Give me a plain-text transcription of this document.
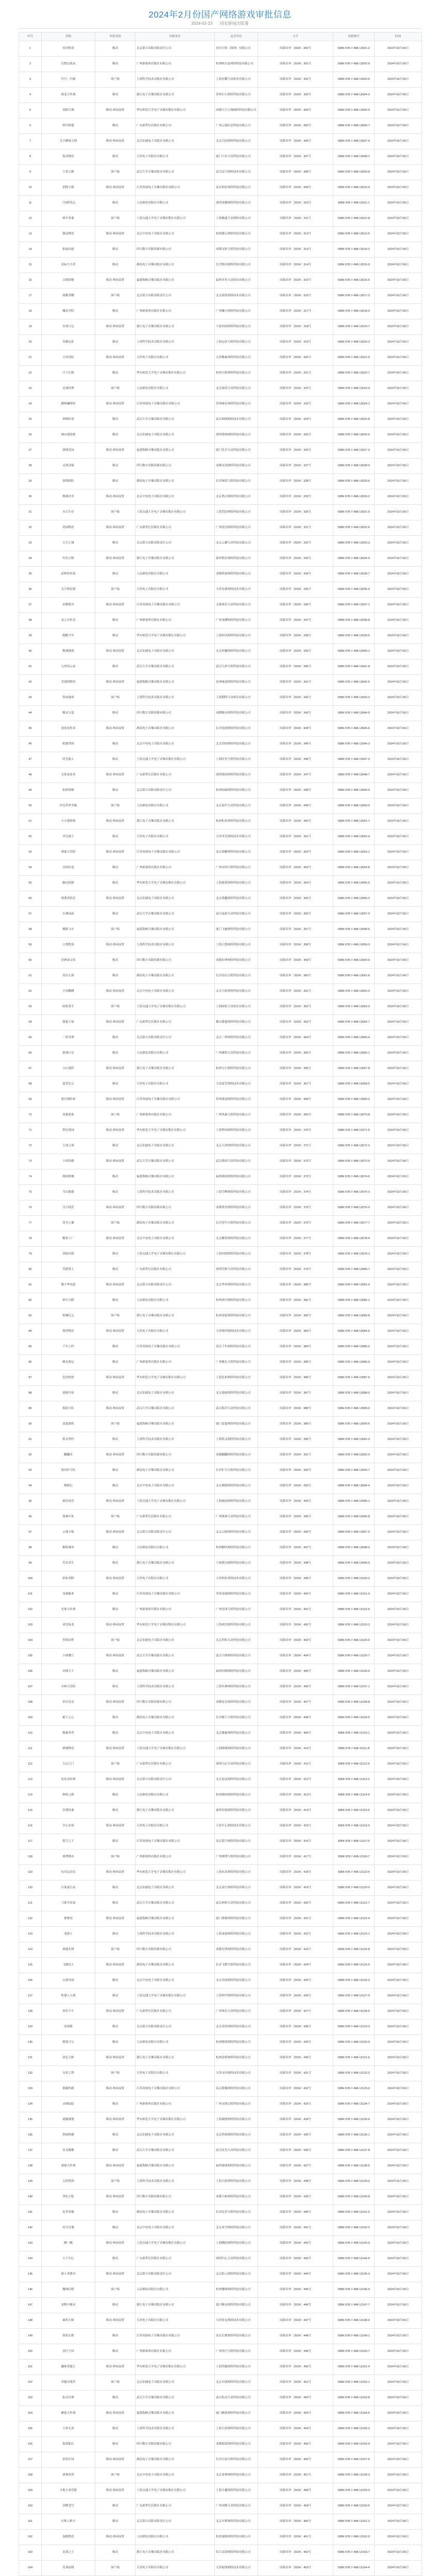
2024年2月份国产网络游戏审批信息
2024-02-23 国家新闻出版署
序号	名称	申报类别	出版单位	运营单位	文号	出版物号	时间
1	星河牧场	移动	北京联合出版有限责任公司	星河互娱（深圳）有限公司	国新出审〔2024〕300号	ISBN 978-7-498-13001-2	2024年02月06日
2	幻想山海录	移动	广州新视界出版社有限公司	杭州阿尔法网络科技有限公司	国新出审〔2024〕301号	ISBN 978-7-498-13002-9	2024年02月06日
3	代号：归墟	客户端	上海科学技术出版社有限公司	上海星耀互动娱乐有限公司	国新出审〔2024〕302号	ISBN 978-7-498-13003-6	2024年02月06日
4	萌宠大作战	移动	浙江电子音像出版社有限公司	苏州巨石网络科技有限公司	国新出审〔2024〕303号	ISBN 978-7-498-13004-3	2024年02月06日
5	剑影江湖	移动-休闲益智	华东师范大学电子音像出版社有限公司	成都天空之城网络科技有限公司	国新出审〔2024〕304号	ISBN 978-7-498-13005-0	2024年02月06日
6	机甲联盟	移动	广东新世纪出版社有限公司	广州云端信息科技有限公司	国新出审〔2024〕305号	ISBN 978-7-498-13006-7	2024年02月06日
7	文字解谜大师	移动-休闲益智	北京伯通电子出版社有限公司	北京闪电网络科技有限公司	国新出审〔2024〕306号	ISBN 978-7-498-13007-4	2024年02月06日
8	海岛物语	移动	天津电子出版社有限公司	厦门小鱼互动科技有限公司	国新出审〔2024〕307号	ISBN 978-7-498-13008-1	2024年02月06日
9	王者之路	客户端	武汉大学音像出版社有限公司	武汉星空网络技术有限公司	国新出审〔2024〕308号	ISBN 978-7-498-13009-8	2024年02月06日
10	消除小镇	移动-休闲益智	江苏凤凰电子音像出版社有限公司	南京彩虹网络科技有限公司	国新出审〔2024〕309号	ISBN 978-7-498-13010-4	2024年02月06日
11	三国群英志	移动	人民邮电出版社有限公司	深圳龙腾网络科技有限公司	国新出审〔2024〕310号	ISBN 978-7-498-13011-1	2024年02月06日
12	赛车风暴	客户端	上海交通大学电子音像出版社有限公司	上海极速互动网络有限公司	国新出审〔2024〕311号	ISBN 978-7-498-13012-8	2024年02月06日
13	甜品物语	移动-休闲益智	北京中电电子出版社有限公司	杭州甜心网络科技有限公司	国新出审〔2024〕312号	ISBN 978-7-498-13013-5	2024年02月06日
14	仙途问道	移动	四川数字出版传媒有限公司	成都灵犀互娱科技有限公司	国新出审〔2024〕313号	ISBN 978-7-498-13014-2	2024年02月06日
15	星际守卫者	移动	湖南电子音像出版社有限公司	长沙银河网络科技有限公司	国新出审〔2024〕314号	ISBN 978-7-498-13015-9	2024年02月06日
16	古镇探秘	移动-休闲益智	福建海峡音像出版社有限公司	福州青木互动娱乐有限公司	国新出审〔2024〕315号	ISBN 978-7-498-13016-6	2024年02月06日
17	战舰荣耀	客户端	北京联合出版有限责任公司	北京海蓝网络技术有限公司	国新出审〔2024〕316号	ISBN 978-7-498-13017-3	2024年02月06日
18	魔法学院	移动	广州新视界出版社有限公司	广州魔方网络科技有限公司	国新出审〔2024〕317号	ISBN 978-7-498-13018-0	2024年02月06日
19	农场日记	移动-休闲益智	浙江电子音像出版社有限公司	宁波田园网络科技有限公司	国新出审〔2024〕318号	ISBN 978-7-498-13019-7	2024年02月06日
20	英雄远征	移动	上海科学技术出版社有限公司	上海远征互娱科技有限公司	国新出审〔2024〕319号	ISBN 978-7-498-13020-3	2024年02月06日
21	方块冒险	移动-休闲益智	天津电子出版社有限公司	天津像素网络科技有限公司	国新出审〔2024〕320号	ISBN 978-7-498-13021-0	2024年02月06日
22	月下幻境	移动	华东师范大学电子音像出版社有限公司	杭州月影网络科技有限公司	国新出审〔2024〕321号	ISBN 978-7-498-13022-7	2024年02月06日
23	足球经理	客户端	人民邮电出版社有限公司	北京绿茵互动科技有限公司	国新出审〔2024〕322号	ISBN 978-7-498-13023-4	2024年02月06日
24	猫咪咖啡馆	移动-休闲益智	江苏凤凰电子音像出版社有限公司	苏州喵星网络科技有限公司	国新出审〔2024〕323号	ISBN 978-7-498-13024-1	2024年02月06日
25	神域传说	移动	武汉大学音像出版社有限公司	武汉神域网络技术有限公司	国新出审〔2024〕324号	ISBN 978-7-498-13025-8	2024年02月06日
26	城市建造师	移动	北京伯通电子出版社有限公司	深圳蓝图网络科技有限公司	国新出审〔2024〕325号	ISBN 978-7-498-13026-5	2024年02月06日
27	拼图乐园	移动-休闲益智	福建海峡音像出版社有限公司	厦门乐享互动科技有限公司	国新出审〔2024〕326号	ISBN 978-7-498-13027-2	2024年02月06日
28	灵剑奇缘	移动	四川数字出版传媒有限公司	成都灵剑网络科技有限公司	国新出审〔2024〕327号	ISBN 978-7-498-13028-9	2024年02月06日
29	深海探险	移动	湖南电子音像出版社有限公司	长沙深蓝互娱科技有限公司	国新出审〔2024〕328号	ISBN 978-7-498-13029-6	2024年02月06日
30	棋魂对弈	移动-休闲益智	北京中电电子出版社有限公司	北京黑白网络科技有限公司	国新出审〔2024〕329号	ISBN 978-7-498-13030-2	2024年02月06日
31	末日生存	客户端	上海交通大学电子音像出版社有限公司	上海荒原网络科技有限公司	国新出审〔2024〕330号	ISBN 978-7-498-13031-9	2024年02月06日
32	花园物语	移动-休闲益智	广东新世纪出版社有限公司	广州花语网络科技有限公司	国新出审〔2024〕331号	ISBN 978-7-498-13032-6	2024年02月06日
33	天空之城	移动	北京联合出版有限责任公司	北京云翼互动科技有限公司	国新出审〔2024〕332号	ISBN 978-7-498-13033-3	2024年02月06日
34	钓鱼大师	移动-休闲益智	浙江电子音像出版社有限公司	温州渔乐网络科技有限公司	国新出审〔2024〕333号	ISBN 978-7-498-13034-0	2024年02月06日
35	武林外传说	移动	人民邮电出版社有限公司	成都侠客网络科技有限公司	国新出审〔2024〕334号	ISBN 978-7-498-13035-7	2024年02月06日
36	太空殖民地	客户端	天津电子出版社有限公司	天津星港网络技术有限公司	国新出审〔2024〕335号	ISBN 978-7-498-13036-4	2024年02月06日
37	动物派对	移动-休闲益智	江苏凤凰电子音像出版社有限公司	无锡欢乐互动科技有限公司	国新出审〔2024〕336号	ISBN 978-7-498-13037-1	2024年02月06日
38	龙之谷传奇	移动	广州新视界出版社有限公司	广州龙渊网络科技有限公司	国新出审〔2024〕337号	ISBN 978-7-498-13038-8	2024年02月06日
39	跑酷少年	移动	华东师范大学电子音像出版社有限公司	上海疾风网络科技有限公司	国新出审〔2024〕338号	ISBN 978-7-498-13039-5	2024年02月06日
40	数独挑战	移动-休闲益智	北京伯通电子出版社有限公司	北京智趣网络科技有限公司	国新出审〔2024〕339号	ISBN 978-7-498-13040-1	2024年02月06日
41	九州风云录	移动	武汉大学音像出版社有限公司	武汉九州互娱科技有限公司	国新出审〔2024〕340号	ISBN 978-7-498-13041-8	2024年02月06日
42	美食街物语	移动-休闲益智	福建海峡音像出版社有限公司	泉州味道网络科技有限公司	国新出审〔2024〕341号	ISBN 978-7-498-13042-5	2024年02月06日
43	铁血战场	客户端	上海科学技术出版社有限公司	上海钢铁互动娱乐有限公司	国新出审〔2024〕342号	ISBN 978-7-498-13043-2	2024年02月06日
44	精灵宝盒	移动	四川数字出版传媒有限公司	成都精灵网络科技有限公司	国新出审〔2024〕343号	ISBN 978-7-498-13044-9	2024年02月06日
45	泡泡龙传奇	移动-休闲益智	湖南电子音像出版社有限公司	长沙泡泡网络科技有限公司	国新出审〔2024〕344号	ISBN 978-7-498-13045-6	2024年02月06日
46	绝地突围	移动	北京中电电子出版社有限公司	北京烈焰网络科技有限公司	国新出审〔2024〕345号	ISBN 978-7-498-13046-3	2024年02月06日
47	时光旅人	移动	上海交通大学电子音像出版社有限公司	上海时光互娱科技有限公司	国新出审〔2024〕346号	ISBN 978-7-498-13047-0	2024年02月06日
48	水果连连看	移动-休闲益智	广东新世纪出版社有限公司	深圳果园网络科技有限公司	国新出审〔2024〕347号	ISBN 978-7-498-13048-7	2024年02月06日
49	仙侠情缘	移动	北京联合出版有限责任公司	杭州仙缘网络科技有限公司	国新出审〔2024〕348号	ISBN 978-7-498-13049-4	2024年02月06日
50	坦克世界争霸	客户端	人民邮电出版社有限公司	北京装甲互动科技有限公司	国新出审〔2024〕349号	ISBN 978-7-498-13050-0	2024年02月06日
51	小小建筑师	移动-休闲益智	浙江电子音像出版社有限公司	杭州积木网络科技有限公司	国新出审〔2024〕350号	ISBN 978-7-498-13051-7	2024年02月06日
52	圣光骑士	移动	天津电子出版社有限公司	天津圣光网络技术有限公司	国新出审〔2024〕351号	ISBN 978-7-498-13052-4	2024年02月06日
53	弹球大冒险	移动-休闲益智	江苏凤凰电子音像出版社有限公司	南京弹跳网络科技有限公司	国新出审〔2024〕352号	ISBN 978-7-498-13053-1	2024年02月06日
54	帝国征途	移动	广州新视界出版社有限公司	广州帝国互娱科技有限公司	国新出审〔2024〕353号	ISBN 978-7-498-13054-8	2024年02月06日
55	幽灵侦探	移动	华东师范大学电子音像出版社有限公司	上海迷雾网络科技有限公司	国新出审〔2024〕354号	ISBN 978-7-498-13055-5	2024年02月06日
56	萌萌消消乐	移动-休闲益智	北京伯通电子出版社有限公司	北京萌趣网络科技有限公司	国新出审〔2024〕355号	ISBN 978-7-498-13056-2	2024年02月06日
57	江湖夜雨	移动	武汉大学音像出版社有限公司	武汉夜雨互动科技有限公司	国新出审〔2024〕356号	ISBN 978-7-498-13057-9	2024年02月06日
58	极限飞车	客户端	福建海峡音像出版社有限公司	厦门飞驰网络科技有限公司	国新出审〔2024〕357号	ISBN 978-7-498-13058-6	2024年02月06日
59	口袋牧场	移动-休闲益智	上海科学技术出版社有限公司	上海口袋网络科技有限公司	国新出审〔2024〕358号	ISBN 978-7-498-13059-3	2024年02月06日
60	封神演义传	移动	四川数字出版传媒有限公司	成都封神网络科技有限公司	国新出审〔2024〕359号	ISBN 978-7-498-13060-9	2024年02月06日
61	星辰大海	移动	湖南电子音像出版社有限公司	长沙星辰互娱科技有限公司	国新出审〔2024〕360号	ISBN 978-7-498-13061-6	2024年02月06日
62	字母跳跳	移动-休闲益智	北京中电电子出版社有限公司	北京字游网络科技有限公司	国新出审〔2024〕361号	ISBN 978-7-498-13062-3	2024年02月06日
63	暗影猎手	客户端	上海交通大学电子音像出版社有限公司	上海暗影互动娱乐有限公司	国新出审〔2024〕362号	ISBN 978-7-498-13063-0	2024年02月06日
64	甜蜜小屋	移动-休闲益智	广东新世纪出版社有限公司	佛山甜蜜网络科技有限公司	国新出审〔2024〕363号	ISBN 978-7-498-13064-7	2024年02月06日
65	三界奇谭	移动	北京联合出版有限责任公司	北京三界网络科技有限公司	国新出审〔2024〕364号	ISBN 978-7-498-13065-4	2024年02月06日
66	篮球巨星	移动	人民邮电出版社有限公司	广州灌篮互动科技有限公司	国新出审〔2024〕365号	ISBN 978-7-498-13066-1	2024年02月06日
67	宝石迷阵	移动-休闲益智	浙江电子音像出版社有限公司	杭州宝石网络科技有限公司	国新出审〔2024〕366号	ISBN 978-7-498-13067-8	2024年02月06日
68	蛮荒纪元	移动	天津电子出版社有限公司	天津蛮荒网络技术有限公司	国新出审〔2024〕367号	ISBN 978-7-498-13068-5	2024年02月06日
69	迷宫探险家	移动-休闲益智	江苏凤凰电子音像出版社有限公司	常州迷途网络科技有限公司	国新出审〔2024〕368号	ISBN 978-7-498-13069-2	2024年02月06日
70	风暴要塞	客户端	广州新视界出版社有限公司	广州风暴互娱科技有限公司	国新出审〔2024〕369号	ISBN 978-7-498-13070-8	2024年02月06日
71	梦幻花园	移动-休闲益智	华东师范大学电子音像出版社有限公司	上海梦园网络科技有限公司	国新出审〔2024〕370号	ISBN 978-7-498-13071-5	2024年02月06日
72	天命之战	移动	北京伯通电子出版社有限公司	北京天命网络科技有限公司	国新出审〔2024〕371号	ISBN 978-7-498-13072-2	2024年02月06日
73	小鸡快跑	移动-休闲益智	武汉大学音像出版社有限公司	武汉萌鸡互动科技有限公司	国新出审〔2024〕372号	ISBN 978-7-498-13073-9	2024年02月06日
74	战国群雄	移动	福建海峡音像出版社有限公司	福州战国网络科技有限公司	国新出审〔2024〕373号	ISBN 978-7-498-13074-6	2024年02月06日
75	雪山救援	移动	上海科学技术出版社有限公司	上海雪峰网络科技有限公司	国新出审〔2024〕374号	ISBN 978-7-498-13075-3	2024年02月06日
76	汉字找茬	移动-休闲益智	四川数字出版传媒有限公司	成都墨香网络科技有限公司	国新出审〔2024〕375号	ISBN 978-7-498-13076-0	2024年02月06日
77	苍穹之翼	客户端	湖南电子音像出版社有限公司	长沙苍穹互娱科技有限公司	国新出审〔2024〕376号	ISBN 978-7-498-13077-7	2024年02月06日
78	糖果工厂	移动-休闲益智	北京中电电子出版社有限公司	北京糖果网络科技有限公司	国新出审〔2024〕377号	ISBN 978-7-498-13078-4	2024年02月06日
79	剑仙问情	移动	上海交通大学电子音像出版社有限公司	上海问情网络科技有限公司	国新出审〔2024〕378号	ISBN 978-7-498-13079-1	2024年02月06日
80	荒野猎人	移动	广东新世纪出版社有限公司	深圳荒野互动科技有限公司	国新出审〔2024〕379号	ISBN 978-7-498-13080-7	2024年02月06日
81	数字华容道	移动-休闲益智	北京联合出版有限责任公司	北京华容网络科技有限公司	国新出审〔2024〕380号	ISBN 978-7-498-13081-4	2024年02月06日
82	神兵天降	移动	人民邮电出版社有限公司	杭州神兵网络科技有限公司	国新出审〔2024〕381号	ISBN 978-7-498-13082-1	2024年02月06日
83	机械纪元	客户端	浙江电子音像出版社有限公司	杭州齿轮网络科技有限公司	国新出审〔2024〕382号	ISBN 978-7-498-13083-8	2024年02月06日
84	萌兽物语	移动-休闲益智	天津电子出版社有限公司	天津萌兽网络技术有限公司	国新出审〔2024〕383号	ISBN 978-7-498-13084-5	2024年02月06日
85	千年之约	移动	江苏凤凰电子音像出版社有限公司	南京千年网络科技有限公司	国新出审〔2024〕384号	ISBN 978-7-498-13085-2	2024年02月06日
86	极光战记	移动	广州新视界出版社有限公司	广州极光互娱科技有限公司	国新出审〔2024〕385号	ISBN 978-7-498-13086-9	2024年02月06日
87	色块拼拼	移动-休闲益智	华东师范大学电子音像出版社有限公司	上海色彩网络科技有限公司	国新出审〔2024〕386号	ISBN 978-7-498-13087-6	2024年02月06日
88	逐鹿中原	移动	北京伯通电子出版社有限公司	北京逐鹿网络科技有限公司	国新出审〔2024〕387号	ISBN 978-7-498-13088-3	2024年02月06日
89	海底小队	移动-休闲益智	武汉大学音像出版社有限公司	武汉海洋互动科技有限公司	国新出审〔2024〕388号	ISBN 978-7-498-13089-0	2024年02月06日
90	雷霆战机	客户端	福建海峡音像出版社有限公司	厦门雷霆网络科技有限公司	国新出审〔2024〕389号	ISBN 978-7-498-13090-6	2024年02月06日
91	妖灵契约	移动	上海科学技术出版社有限公司	上海妖灵网络科技有限公司	国新出审〔2024〕390号	ISBN 978-7-498-13091-3	2024年02月06日
92	翻翻乐	移动-休闲益智	四川数字出版传媒有限公司	成都翻翻网络科技有限公司	国新出审〔2024〕391号	ISBN 978-7-498-13092-0	2024年02月06日
93	银河护卫队	移动	湖南电子音像出版社有限公司	长沙护卫互娱科技有限公司	国新出审〔2024〕392号	ISBN 978-7-498-13093-7	2024年02月06日
94	桃源记	移动	北京中电电子出版社有限公司	北京桃源网络科技有限公司	国新出审〔2024〕393号	ISBN 978-7-498-13094-4	2024年02月06日
95	疯狂厨房	移动-休闲益智	上海交通大学电子音像出版社有限公司	上海疯厨网络科技有限公司	国新出审〔2024〕394号	ISBN 978-7-498-13095-1	2024年02月06日
96	战神归来	客户端	广东新世纪出版社有限公司	广州战神互动科技有限公司	国新出审〔2024〕395号	ISBN 978-7-498-13096-8	2024年02月06日
97	云端小镇	移动-休闲益智	北京联合出版有限责任公司	北京云镇网络科技有限公司	国新出审〔2024〕396号	ISBN 978-7-498-13097-5	2024年02月06日
98	御剑乘风	移动	人民邮电出版社有限公司	杭州御风网络科技有限公司	国新出审〔2024〕397号	ISBN 978-7-498-13098-2	2024年02月06日
99	荒岛求生	移动	浙江电子音像出版社有限公司	宁波孤岛网络科技有限公司	国新出审〔2024〕398号	ISBN 978-7-498-13099-9	2024年02月06日
100	彩虹消除	移动-休闲益智	天津电子出版社有限公司	天津彩虹网络技术有限公司	国新出审〔2024〕399号	ISBN 978-7-498-13100-2	2024年02月06日
101	龙城霸业	移动	江苏凤凰电子音像出版社有限公司	苏州龙城网络科技有限公司	国新出审〔2024〕400号	ISBN 978-7-498-13101-9	2024年02月06日
102	星球大作战	移动	广州新视界出版社有限公司	广州星球互娱科技有限公司	国新出审〔2024〕401号	ISBN 978-7-498-13102-6	2024年02月06日
103	成语接龙	移动-休闲益智	华东师范大学电子音像出版社有限公司	上海成语网络科技有限公司	国新出审〔2024〕402号	ISBN 978-7-498-13103-3	2024年02月06日
104	烈焰征程	客户端	北京伯通电子出版社有限公司	北京烈焰互动科技有限公司	国新出审〔2024〕403号	ISBN 978-7-498-13104-0	2024年02月06日
105	小熊餐厅	移动-休闲益智	武汉大学音像出版社有限公司	武汉小熊网络科技有限公司	国新出审〔2024〕404号	ISBN 978-7-498-13105-7	2024年02月06日
106	问鼎天下	移动	福建海峡音像出版社有限公司	福州问鼎网络科技有限公司	国新出审〔2024〕405号	ISBN 978-7-498-13106-4	2024年02月06日
107	丛林大冒险	移动	上海科学技术出版社有限公司	上海丛林网络科技有限公司	国新出审〔2024〕406号	ISBN 978-7-498-13107-1	2024年02月06日
108	消灭星星	移动-休闲益智	四川数字出版传媒有限公司	成都星星网络科技有限公司	国新出审〔2024〕407号	ISBN 978-7-498-13108-8	2024年02月06日
109	霸王之心	移动	湖南电子音像出版社有限公司	长沙霸王互娱科技有限公司	国新出审〔2024〕408号	ISBN 978-7-498-13109-5	2024年02月06日
110	像素勇者	移动	北京中电电子出版社有限公司	北京像素网络科技有限公司	国新出审〔2024〕409号	ISBN 978-7-498-13110-1	2024年02月06日
111	喵喵物语	移动-休闲益智	上海交通大学电子音像出版社有限公司	上海喵喵网络科技有限公司	国新出审〔2024〕410号	ISBN 978-7-498-13111-8	2024年02月06日
112	天启之门	客户端	广东新世纪出版社有限公司	深圳天启互动科技有限公司	国新出审〔2024〕411号	ISBN 978-7-498-13112-5	2024年02月06日
113	连连看经典	移动-休闲益智	北京联合出版有限责任公司	北京连连网络科技有限公司	国新出审〔2024〕412号	ISBN 978-7-498-13113-2	2024年02月06日
114	修仙之路	移动	人民邮电出版社有限公司	杭州修仙网络科技有限公司	国新出审〔2024〕413号	ISBN 978-7-498-13114-9	2024年02月06日
115	沙漠风暴	移动	浙江电子音像出版社有限公司	温州沙海网络科技有限公司	国新出审〔2024〕414号	ISBN 978-7-498-13115-6	2024年02月06日
116	开心农场	移动-休闲益智	天津电子出版社有限公司	天津开心网络技术有限公司	国新出审〔2024〕415号	ISBN 978-7-498-13116-3	2024年02月06日
117	裂空之王	移动	江苏凤凰电子音像出版社有限公司	南京裂空网络科技有限公司	国新出审〔2024〕416号	ISBN 978-7-498-13117-0	2024年02月06日
118	赛博都市	客户端	广州新视界出版社有限公司	广州赛博互娱科技有限公司	国新出审〔2024〕417号	ISBN 978-7-498-13118-7	2024年02月06日
119	玩具总动员	移动-休闲益智	华东师范大学电子音像出版社有限公司	上海玩具网络科技有限公司	国新出审〔2024〕418号	ISBN 978-7-498-13119-4	2024年02月06日
120	百鬼夜行录	移动	北京伯通电子出版社有限公司	北京夜行网络科技有限公司	国新出审〔2024〕419号	ISBN 978-7-498-13120-0	2024年02月06日
121	弓箭手传说	移动	武汉大学音像出版社有限公司	武汉神射互动科技有限公司	国新出审〔2024〕420号	ISBN 978-7-498-13121-7	2024年02月06日
122	叠叠高	移动-休闲益智	福建海峡音像出版社有限公司	厦门叠叠网络科技有限公司	国新出审〔2024〕421号	ISBN 978-7-498-13122-4	2024年02月06日
123	龙骑士	移动	上海科学技术出版社有限公司	上海龙骑网络科技有限公司	国新出审〔2024〕422号	ISBN 978-7-498-13123-1	2024年02月06日
124	战地先锋	客户端	四川数字出版传媒有限公司	成都先锋网络科技有限公司	国新出审〔2024〕423号	ISBN 978-7-498-13124-8	2024年02月06日
125	飞镖达人	移动-休闲益智	湖南电子音像出版社有限公司	长沙飞镖互娱科技有限公司	国新出审〔2024〕424号	ISBN 978-7-498-13125-5	2024年02月06日
126	山海异闻	移动	北京中电电子出版社有限公司	北京异闻网络科技有限公司	国新出审〔2024〕425号	ISBN 978-7-498-13126-2	2024年02月06日
127	机器人大战	移动	上海交通大学电子音像出版社有限公司	上海铁甲网络科技有限公司	国新出审〔2024〕426号	ISBN 978-7-498-13127-9	2024年02月06日
128	欢乐斗牛	移动-休闲益智	广东新世纪出版社有限公司	广州欢乐互动科技有限公司	国新出审〔2024〕427号	ISBN 978-7-498-13128-6	2024年02月06日
129	凌霄殿	移动	北京联合出版有限责任公司	北京凌霄网络科技有限公司	国新出审〔2024〕428号	ISBN 978-7-498-13129-3	2024年02月06日
130	秘境寻宝	移动	人民邮电出版社有限公司	杭州秘境网络科技有限公司	国新出审〔2024〕429号	ISBN 978-7-498-13130-9	2024年02月06日
131	涂色大师	移动-休闲益智	浙江电子音像出版社有限公司	杭州涂鸦网络科技有限公司	国新出审〔2024〕430号	ISBN 978-7-498-13131-6	2024年02月06日
132	永恒之塔	客户端	天津电子出版社有限公司	天津永恒网络技术有限公司	国新出审〔2024〕431号	ISBN 978-7-498-13132-3	2024年02月06日
133	熊猫快跑	移动-休闲益智	江苏凤凰电子音像出版社有限公司	南京熊猫网络科技有限公司	国新出审〔2024〕432号	ISBN 978-7-498-13133-0	2024年02月06日
134	灵域仙踪	移动	广州新视界出版社有限公司	广州灵域互娱科技有限公司	国新出审〔2024〕433号	ISBN 978-7-498-13134-7	2024年02月06日
135	谜题城堡	移动-休闲益智	华东师范大学电子音像出版社有限公司	上海城堡网络科技有限公司	国新出审〔2024〕434号	ISBN 978-7-498-13135-4	2024年02月06日
136	铁骑纵横	移动	北京伯通电子出版社有限公司	北京铁骑网络科技有限公司	国新出审〔2024〕435号	ISBN 978-7-498-13136-1	2024年02月06日
137	星光偶像	移动	武汉大学音像出版社有限公司	武汉星光互动科技有限公司	国新出审〔2024〕436号	ISBN 978-7-498-13137-8	2024年02月06日
138	球球大作战	移动-休闲益智	福建海峡音像出版社有限公司	福州球球网络科技有限公司	国新出审〔2024〕437号	ISBN 978-7-498-13138-5	2024年02月06日
139	天涯明剑	客户端	上海科学技术出版社有限公司	上海天涯网络科技有限公司	国新出审〔2024〕438号	ISBN 978-7-498-13139-2	2024年02月06日
140	贪吃小蛇	移动-休闲益智	四川数字出版传媒有限公司	成都小蛇网络科技有限公司	国新出审〔2024〕439号	ISBN 978-7-498-13140-8	2024年02月06日
141	乱世英雄	移动	湖南电子音像出版社有限公司	长沙乱世互娱科技有限公司	国新出审〔2024〕440号	ISBN 978-7-498-13141-5	2024年02月06日
142	冰雪奇遇	移动	北京中电电子出版社有限公司	北京冰雪网络科技有限公司	国新出审〔2024〕441号	ISBN 978-7-498-13142-2	2024年02月06日
143	跳一跳	移动-休闲益智	上海交通大学电子音像出版社有限公司	上海跳跃网络科技有限公司	国新出审〔2024〕442号	ISBN 978-7-498-13143-9	2024年02月06日
144	天下归心	移动	广东新世纪出版社有限公司	深圳归心互动科技有限公司	国新出审〔2024〕443号	ISBN 978-7-498-13144-6	2024年02月06日
145	狼人杀派对	移动-休闲益智	北京联合出版有限责任公司	北京狼人网络科技有限公司	国新出审〔2024〕444号	ISBN 978-7-498-13145-3	2024年02月06日
146	魔域幻想	客户端	人民邮电出版社有限公司	杭州魔域网络科技有限公司	国新出审〔2024〕445号	ISBN 978-7-498-13146-0	2024年02月06日
147	宠物小精灵	移动	浙江电子音像出版社有限公司	嘉兴精灵网络科技有限公司	国新出审〔2024〕446号	ISBN 978-7-498-13147-7	2024年02月06日
148	麻将大师	移动-休闲益智	天津电子出版社有限公司	天津雀友网络技术有限公司	国新出审〔2024〕447号	ISBN 978-7-498-13148-4	2024年02月06日
149	侠影长歌	移动	江苏凤凰电子音像出版社有限公司	南京长歌网络科技有限公司	国新出审〔2024〕448号	ISBN 978-7-498-13149-1	2024年02月06日
150	蒸汽王国	移动	广州新视界出版社有限公司	广州蒸汽互娱科技有限公司	国新出审〔2024〕449号	ISBN 978-7-498-13150-7	2024年02月06日
151	趣味答题王	移动-休闲益智	华东师范大学电子音像出版社有限公司	上海答题网络科技有限公司	国新出审〔2024〕450号	ISBN 978-7-498-13151-4	2024年02月06日
152	穿越火线营	客户端	北京伯通电子出版社有限公司	北京火线网络科技有限公司	国新出审〔2024〕451号	ISBN 978-7-498-13152-1	2024年02月06日
153	仙灵奇谭	移动	武汉大学音像出版社有限公司	武汉仙灵互动科技有限公司	国新出审〔2024〕452号	ISBN 978-7-498-13153-8	2024年02月06日
154	蘑菇大作战	移动-休闲益智	福建海峡音像出版社有限公司	厦门蘑菇网络科技有限公司	国新出审〔2024〕453号	ISBN 978-7-498-13154-5	2024年02月06日
155	大唐无双	移动	上海科学技术出版社有限公司	上海大唐网络科技有限公司	国新出审〔2024〕454号	ISBN 978-7-498-13155-2	2024年02月06日
156	海盗船长	移动	四川数字出版传媒有限公司	成都海盗网络科技有限公司	国新出审〔2024〕455号	ISBN 978-7-498-13156-9	2024年02月06日
157	消消庄园	移动-休闲益智	湖南电子音像出版社有限公司	长沙庄园互娱科技有限公司	国新出审〔2024〕456号	ISBN 978-7-498-13157-6	2024年02月06日
158	诸神黄昏	客户端	北京中电电子出版社有限公司	北京诸神网络科技有限公司	国新出审〔2024〕457号	ISBN 978-7-498-13158-3	2024年02月06日
159	斗地主欢乐版	移动-休闲益智	上海交通大学电子音像出版社有限公司	上海斗趣网络科技有限公司	国新出审〔2024〕458号	ISBN 978-7-498-13159-0	2024年02月06日
160	剑舞苍穹	移动	广东新世纪出版社有限公司	广州剑舞互动科技有限公司	国新出审〔2024〕459号	ISBN 978-7-498-13160-6	2024年02月06日
161	火柴人格斗	移动	北京联合出版有限责任公司	北京火柴网络科技有限公司	国新出审〔2024〕460号	ISBN 978-7-498-13161-3	2024年02月06日
162	蛋糕物语	移动-休闲益智	人民邮电出版社有限公司	杭州蛋糕网络科技有限公司	国新出审〔2024〕461号	ISBN 978-7-498-13162-0	2024年02月06日
163	北境之王	移动	浙江电子音像出版社有限公司	绍兴北境网络科技有限公司	国新出审〔2024〕462号	ISBN 978-7-498-13163-7	2024年02月06日
164	星战前线	客户端	天津电子出版社有限公司	天津前线网络技术有限公司	国新出审〔2024〕463号	ISBN 978-7-498-13164-4	2024年02月06日
